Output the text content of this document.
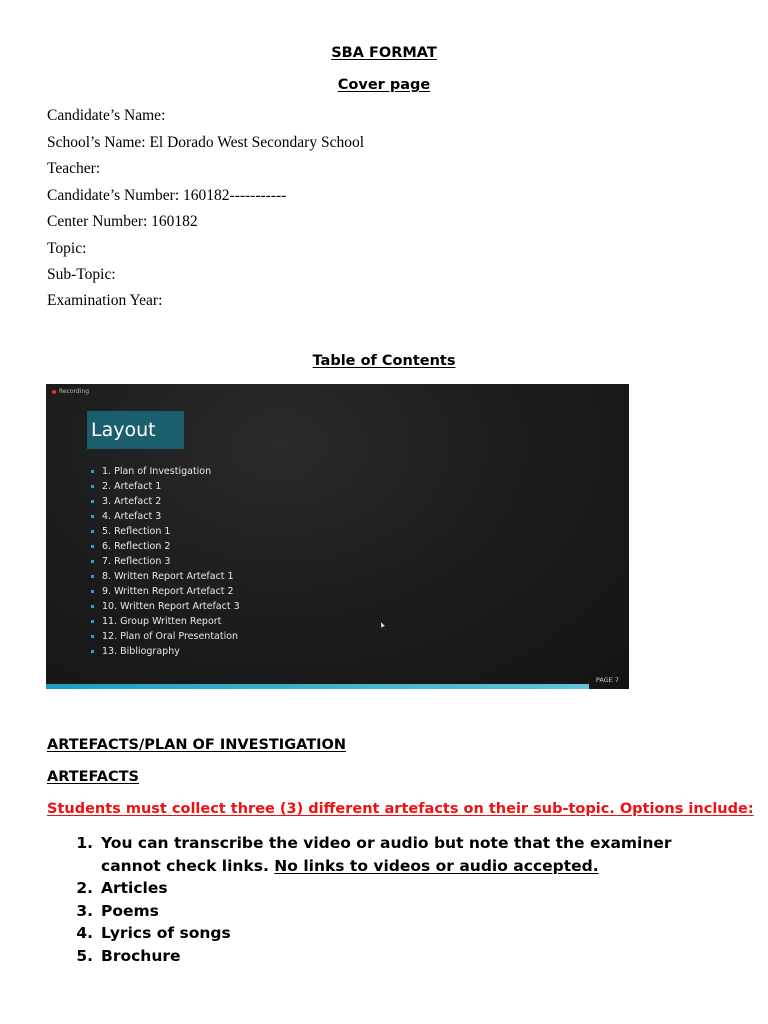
SBA FORMAT
Cover page
Candidate’s Name:
School’s Name: El Dorado West Secondary School
Teacher:
Candidate’s Number: 160182-----------
Center Number: 160182
Topic:
Sub-Topic:
Examination Year:
Table of Contents
Recording
Layout
1. Plan of Investigation
2. Artefact 1
3. Artefact 2
4. Artefact 3
5. Reflection 1
6. Reflection 2
7. Reflection 3
8. Written Report Artefact 1
9. Written Report Artefact 2
10. Written Report Artefact 3
11. Group Written Report
12. Plan of Oral Presentation
13. Bibliography
PAGE 7
ARTEFACTS/PLAN OF INVESTIGATION
ARTEFACTS
Students must collect three (3) different artefacts on their sub-topic. Options include:
1. You can transcribe the video or audio but note that the examiner cannot check links. No links to videos or audio accepted.
2. Articles
3. Poems
4. Lyrics of songs
5. Brochure
